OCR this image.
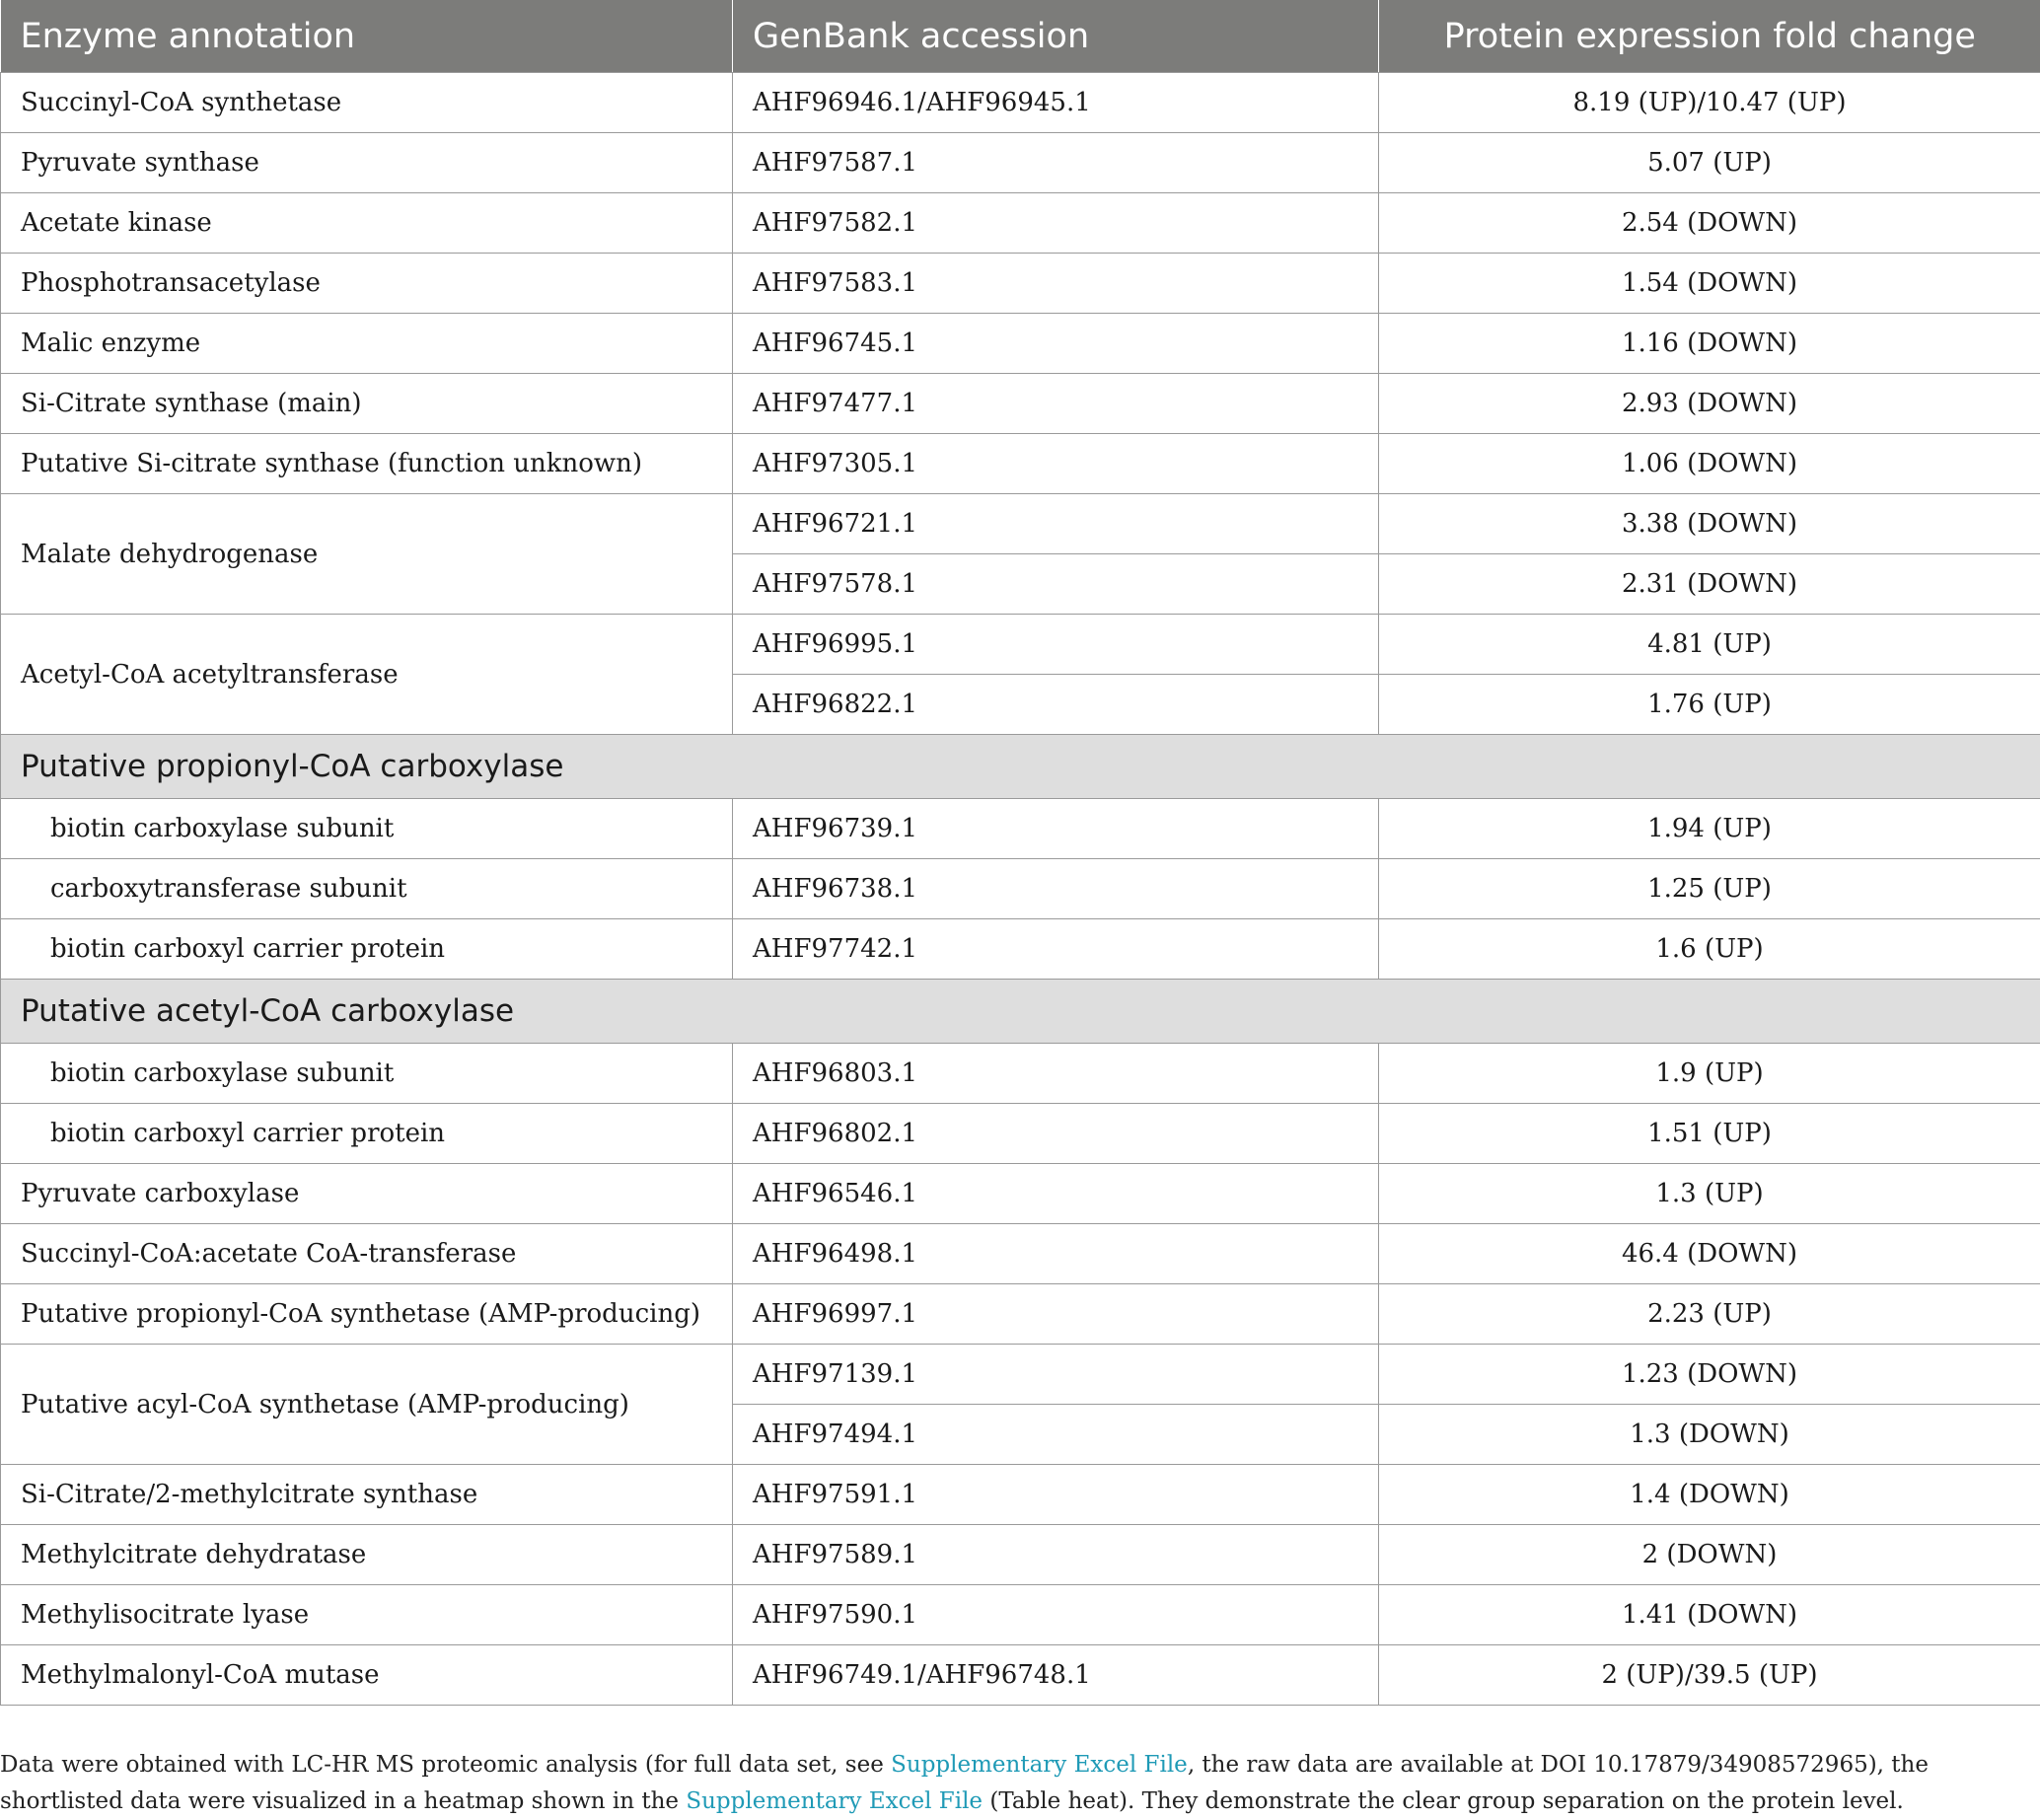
Enzyme annotation	GenBank accession	Protein expression fold change
Succinyl-CoA synthetase	AHF96946.1/AHF96945.1	8.19 (UP)/10.47 (UP)
Pyruvate synthase	AHF97587.1	5.07 (UP)
Acetate kinase	AHF97582.1	2.54 (DOWN)
Phosphotransacetylase	AHF97583.1	1.54 (DOWN)
Malic enzyme	AHF96745.1	1.16 (DOWN)
Si-Citrate synthase (main)	AHF97477.1	2.93 (DOWN)
Putative Si-citrate synthase (function unknown)	AHF97305.1	1.06 (DOWN)
Malate dehydrogenase	AHF96721.1	3.38 (DOWN)
	AHF97578.1	2.31 (DOWN)
Acetyl-CoA acetyltransferase	AHF96995.1	4.81 (UP)
	AHF96822.1	1.76 (UP)
Putative propionyl-CoA carboxylase		
biotin carboxylase subunit	AHF96739.1	1.94 (UP)
carboxytransferase subunit	AHF96738.1	1.25 (UP)
biotin carboxyl carrier protein	AHF97742.1	1.6 (UP)
Putative acetyl-CoA carboxylase		
biotin carboxylase subunit	AHF96803.1	1.9 (UP)
biotin carboxyl carrier protein	AHF96802.1	1.51 (UP)
Pyruvate carboxylase	AHF96546.1	1.3 (UP)
Succinyl-CoA:acetate CoA-transferase	AHF96498.1	46.4 (DOWN)
Putative propionyl-CoA synthetase (AMP-producing)	AHF96997.1	2.23 (UP)
Putative acyl-CoA synthetase (AMP-producing)	AHF97139.1	1.23 (DOWN)
	AHF97494.1	1.3 (DOWN)
Si-Citrate/2-methylcitrate synthase	AHF97591.1	1.4 (DOWN)
Methylcitrate dehydratase	AHF97589.1	2 (DOWN)
Methylisocitrate lyase	AHF97590.1	1.41 (DOWN)
Methylmalonyl-CoA mutase	AHF96749.1/AHF96748.1	2 (UP)/39.5 (UP)

Data were obtained with LC-HR MS proteomic analysis (for full data set, see Supplementary Excel File, the raw data are available at DOI 10.17879/34908572965), the shortlisted data were visualized in a heatmap shown in the Supplementary Excel File (Table heat). They demonstrate the clear group separation on the protein level.
